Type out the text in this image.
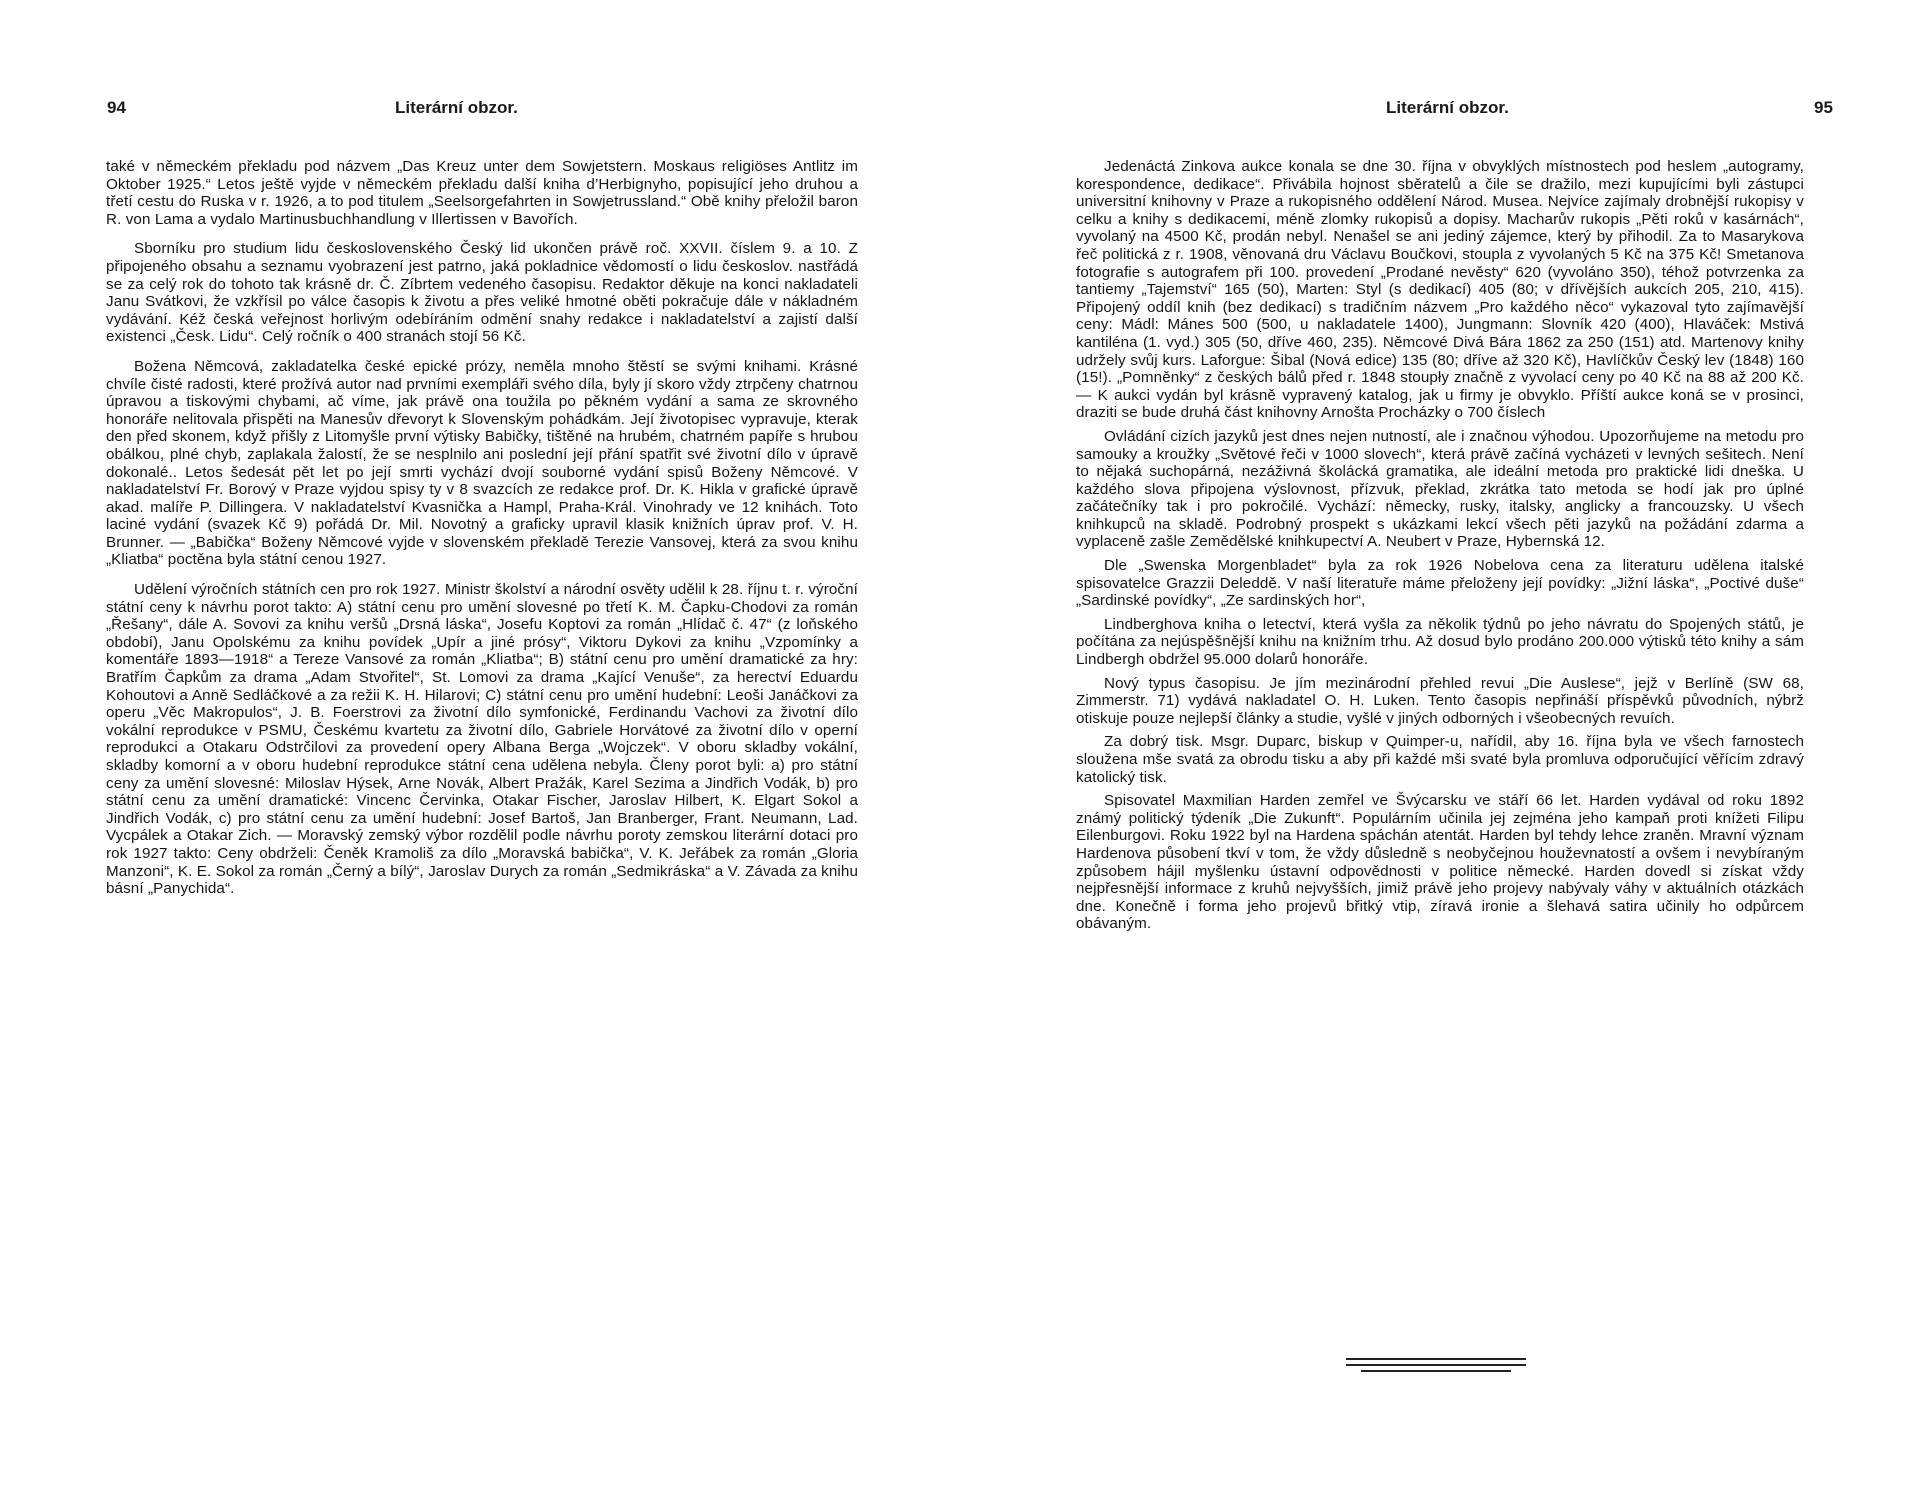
94	Literární obzor.

také v německém překladu pod názvem „Das Kreuz unter dem Sowjetstern. Moskaus religiöses Antlitz im Oktober 1925.“ Letos ještě vyjde v německém překladu další kniha d’Herbignyho, popisující jeho druhou a třetí cestu do Ruska v r. 1926, a to pod titulem „Seelsorgefahrten in Sowjetrussland.“ Obě knihy přeložil baron R. von Lama a vydalo Martinusbuchhandlung v Illertissen v Bavořích.

Sborníku pro studium lidu československého Český lid ukončen právě roč. XXVII. číslem 9. a 10. Z připojeného obsahu a seznamu vyobrazení jest patrno, jaká pokladnice vědomostí o lidu českoslov. nastřádá se za celý rok do tohoto tak krásně dr. Č. Zíbrtem vedeného časopisu. Redaktor děkuje na konci nakladateli Janu Svátkovi, že vzkřísil po válce časopis k životu a přes veliké hmotné oběti pokračuje dále v nákladném vydávání. Kéž česká veřejnost horlivým odebíráním odmění snahy redakce i nakladatelství a zajistí další existenci „Česk. Lidu“. Celý ročník o 400 stranách stojí 56 Kč.

Božena Němcová, zakladatelka české epické prózy, neměla mnoho štěstí se svými knihami. Krásné chvíle čisté radosti, které prožívá autor nad prvními exempláři svého díla, byly jí skoro vždy ztrpčeny chatrnou úpravou a tiskovými chybami, ač víme, jak právě ona toužila po pěkném vydání a sama ze skrovného honoráře nelitovala přispěti na Manesův dřevoryt k Slovenským pohádkám. Její životopisec vypravuje, kterak den před skonem, když přišly z Litomyšle první výtisky Babičky, tištěné na hrubém, chatrném papíře s hrubou obálkou, plné chyb, zaplakala žalostí, že se nesplnilo ani poslední její přání spatřit své životní dílo v úpravě dokonalé.. Letos šedesát pět let po její smrti vychází dvojí souborné vydání spisů Boženy Němcové. V nakladatelství Fr. Borový v Praze vyjdou spisy ty v 8 svazcích ze redakce prof. Dr. K. Hikla v grafické úpravě akad. malíře P. Dillingera. V nakladatelství Kvasnička a Hampl, Praha-Král. Vinohrady ve 12 knihách. Toto laciné vydání (svazek Kč 9) pořádá Dr. Mil. Novotný a graficky upravil klasik knižních úprav prof. V. H. Brunner. — „Babička“ Boženy Němcové vyjde v slovenském překladě Terezie Vansovej, která za svou knihu „Kliatba“ poctěna byla státní cenou 1927.

Udělení výročních státních cen pro rok 1927. Ministr školství a národní osvěty udělil k 28. říjnu t. r. výroční státní ceny k návrhu porot takto: A) státní cenu pro umění slovesné po třetí K. M. Čapku-Chodovi za román „Řešany“, dále A. Sovovi za knihu veršů „Drsná láska“, Josefu Koptovi za román „Hlídač č. 47“ (z loňského období), Janu Opolskému za knihu povídek „Upír a jiné prósy“, Viktoru Dykovi za knihu „Vzpomínky a komentáře 1893—1918“ a Tereze Vansové za román „Kliatba“; B) státní cenu pro umění dramatické za hry: Bratřím Čapkům za drama „Adam Stvořitel“, St. Lomovi za drama „Kající Venuše“, za herectví Eduardu Kohoutovi a Anně Sedláčkové a za režii K. H. Hilarovi; C) státní cenu pro umění hudební: Leoši Janáčkovi za operu „Věc Makropulos“, J. B. Foerstrovi za životní dílo symfonické, Ferdinandu Vachovi za životní dílo vokální reprodukce v PSMU, Českému kvartetu za životní dílo, Gabriele Horvátové za životní dílo v operní reprodukci a Otakaru Odstrčilovi za provedení opery Albana Berga „Wojczek“. V oboru skladby vokální, skladby komorní a v oboru hudební reprodukce státní cena udělena nebyla. Členy porot byli: a) pro státní ceny za umění slovesné: Miloslav Hýsek, Arne Novák, Albert Pražák, Karel Sezima a Jindřich Vodák, b) pro státní cenu za umění dramatické: Vincenc Červinka, Otakar Fischer, Jaroslav Hilbert, K. Elgart Sokol a Jindřich Vodák, c) pro státní cenu za umění hudební: Josef Bartoš, Jan Branberger, Frant. Neumann, Lad. Vycpálek a Otakar Zich. — Moravský zemský výbor rozdělil podle návrhu poroty zemskou literární dotaci pro rok 1927 takto: Ceny obdrželi: Čeněk Kramoliš za dílo „Moravská babička“, V. K. Jeřábek za román „Gloria Manzoni“, K. E. Sokol za román „Černý a bílý“, Jaroslav Durych za román „Sedmikráska“ a V. Závada za knihu básní „Panychida“.

Literární obzor.	95

Jedenáctá Zinkova aukce konala se dne 30. října v obvyklých místnostech pod heslem „autogramy, korespondence, dedikace“. Přivábila hojnost sběratelů a čile se dražilo, mezi kupujícími byli zástupci universitní knihovny v Praze a rukopisného oddělení Národ. Musea. Nejvíce zajímaly drobnější rukopisy v celku a knihy s dedikacemi, méně zlomky rukopisů a dopisy. Macharův rukopis „Pěti roků v kasárnách“, vyvolaný na 4500 Kč, prodán nebyl. Nenašel se ani jediný zájemce, který by přihodil. Za to Masarykova řeč politická z r. 1908, věnovaná dru Václavu Boučkovi, stoupla z vyvolaných 5 Kč na 375 Kč! Smetanova fotografie s autografem při 100. provedení „Prodané nevěsty“ 620 (vyvoláno 350), téhož potvrzenka za tantiemy „Tajemství“ 165 (50), Marten: Styl (s dedikací) 405 (80; v dřívějších aukcích 205, 210, 415). Připojený oddíl knih (bez dedikací) s tradičním názvem „Pro každého něco“ vykazoval tyto zajímavější ceny: Mádl: Mánes 500 (500, u nakladatele 1400), Jungmann: Slovník 420 (400), Hlaváček: Mstivá kantiléna (1. vyd.) 305 (50, dříve 460, 235). Němcové Divá Bára 1862 za 250 (151) atd. Martenovy knihy udržely svůj kurs. Laforgue: Šibal (Nová edice) 135 (80; dříve až 320 Kč), Havlíčkův Český lev (1848) 160 (15!). „Pomněnky“ z českých bálů před r. 1848 stoupły značně z vyvolací ceny po 40 Kč na 88 až 200 Kč. — K aukci vydán byl krásně vypravený katalog, jak u firmy je obvyklo. Příští aukce koná se v prosinci, draziti se bude druhá část knihovny Arnošta Procházky o 700 číslech

Ovládání cizích jazyků jest dnes nejen nutností, ale i značnou výhodou. Upozorňujeme na metodu pro samouky a kroužky „Světové řeči v 1000 slovech“, která právě začíná vycházeti v levných sešitech. Není to nějaká suchopárná, nezáživná školácká gramatika, ale ideální metoda pro praktické lidi dneška. U každého slova připojena výslovnost, přízvuk, překlad, zkrátka tato metoda se hodí jak pro úplné začátečníky tak i pro pokročilé. Vychází: německy, rusky, italsky, anglicky a francouzsky. U všech knihkupců na skladě. Podrobný prospekt s ukázkami lekcí všech pěti jazyků na požádání zdarma a vyplaceně zašle Zemědělské knihkupectví A. Neubert v Praze, Hybernská 12.

Dle „Swenska Morgenbladet“ byla za rok 1926 Nobelova cena za literaturu udělena italské spisovatelce Grazzii Deleddě. V naší literatuře máme přeloženy její povídky: „Jižní láska“, „Poctivé duše“ „Sardinské povídky“, „Ze sardinských hor“,

Lindberghova kniha o letectví, která vyšla za několik týdnů po jeho návratu do Spojených států, je počítána za nejúspěšnější knihu na knižním trhu. Až dosud bylo prodáno 200.000 výtisků této knihy a sám Lindbergh obdržel 95.000 dolarů honoráře.

Nový typus časopisu. Je jím mezinárodní přehled revui „Die Auslese“, jejž v Berlíně (SW 68, Zimmerstr. 71) vydává nakladatel O. H. Luken. Tento časopis nepřináší příspěvků původních, nýbrž otiskuje pouze nejlepší články a studie, vyšlé v jiných odborných i všeobecných revuích.

Za dobrý tisk. Msgr. Duparc, biskup v Quimper-u, nařídil, aby 16. října byla ve všech farnostech sloužena mše svatá za obrodu tisku a aby při každé mši svaté byla promluva odporučující věřícím zdravý katolický tisk.

Spisovatel Maxmilian Harden zemřel ve Švýcarsku ve stáří 66 let. Harden vydával od roku 1892 známý politický týdeník „Die Zukunft“. Populárním učinila jej zejména jeho kampaň proti knížeti Filipu Eilenburgovi. Roku 1922 byl na Hardena spáchán atentát. Harden byl tehdy lehce zraněn. Mravní význam Hardenova působení tkví v tom, že vždy důsledně s neobyčejnou houževnatostí a ovšem i nevybíraným způsobem hájil myšlenku ústavní odpovědnosti v politice německé. Harden dovedl si získat vždy nejpřesnější informace z kruhů nejvyšších, jimiž právě jeho projevy nabývaly váhy v aktuálních otázkách dne. Konečně i forma jeho projevů břitký vtip, zíravá ironie a šlehavá satira učinily ho odpůrcem obávaným.
